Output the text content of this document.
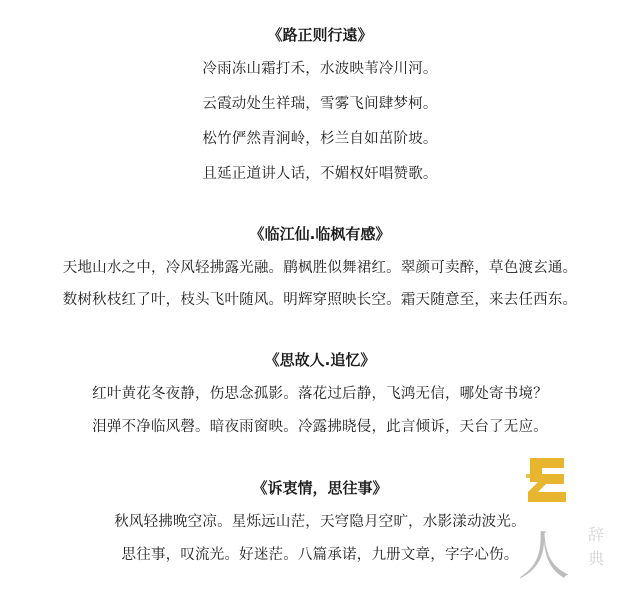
《路正则行遠》

冷雨冻山霜打禾，水波映苇冷川河。

云霞动处生祥瑞，雪雾飞间肆梦柯。

松竹俨然青涧岭，杉兰自如茁阶坡。

且延正道讲人话，不媚权奸唱赞歌。

《临江仙.临枫有感》

天地山水之中，冷风轻拂露光融。鹛枫胜似舞裙红。翠颜可卖醉，草色渡玄通。

数树秋枝红了叶，枝头飞叶随风。明辉穿照映长空。霜天随意至，来去任西东。

《思故人.追忆》

红叶黄花冬夜静，伤思念孤影。落花过后静，飞鸿无信，哪处寄书境？

泪弹不净临风磬。暗夜雨窗映。冷露拂晓侵，此言倾诉，天台了无应。

《诉衷情，思往事》

秋风轻拂晚空凉。星烁远山茫，天穹隐月空旷，水影漾动波光。

思往事，叹流光。好迷茫。八篇承诺，九册文章，字字心伤。 人 辞
典
